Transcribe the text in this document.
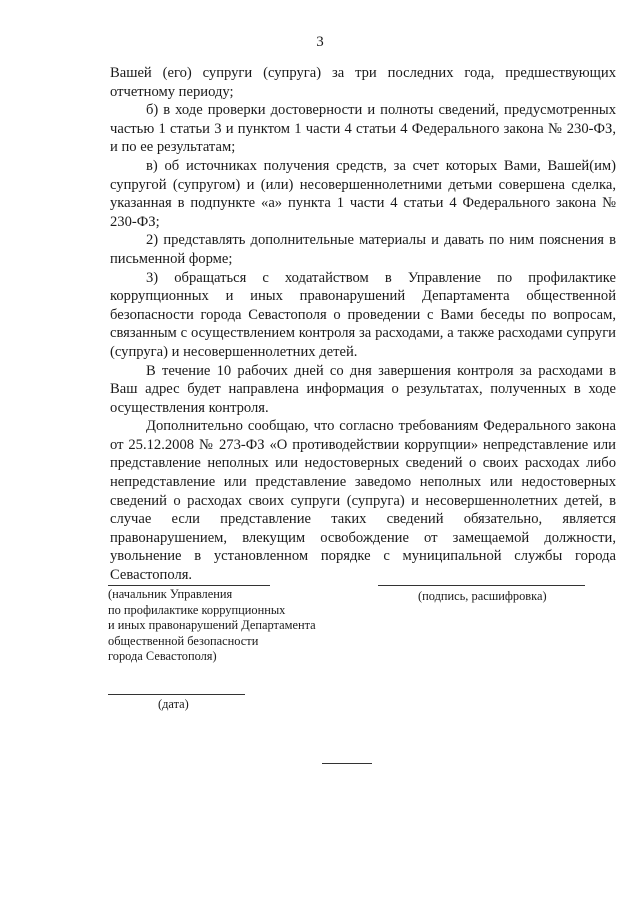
3

Вашей (его) супруги (супруга) за три последних года, предшествующих отчетному периоду;

б) в ходе проверки достоверности и полноты сведений, предусмотренных частью 1 статьи 3 и пунктом 1 части 4 статьи 4 Федерального закона № 230-ФЗ, и по ее результатам;

в) об источниках получения средств, за счет которых Вами, Вашей(им) супругой (супругом) и (или) несовершеннолетними детьми совершена сделка, указанная в подпункте «а» пункта 1 части 4 статьи 4 Федерального закона № 230-ФЗ;

2) представлять дополнительные материалы и давать по ним пояснения в письменной форме;

3) обращаться с ходатайством в Управление по профилактике коррупционных и иных правонарушений Департамента общественной безопасности города Севастополя о проведении с Вами беседы по вопросам, связанным с осуществлением контроля за расходами, а также расходами супруги (супруга) и несовершеннолетних детей.

В течение 10 рабочих дней со дня завершения контроля за расходами в Ваш адрес будет направлена информация о результатах, полученных в ходе осуществления контроля.

Дополнительно сообщаю, что согласно требованиям Федерального закона от 25.12.2008 № 273-ФЗ «О противодействии коррупции» непредставление или представление неполных или недостоверных сведений о своих расходах либо непредставление или представление заведомо неполных или недостоверных сведений о расходах своих супруги (супруга) и несовершеннолетних детей, в случае если представление таких сведений обязательно, является правонарушением, влекущим освобождение от замещаемой должности, увольнение в установленном порядке с муниципальной службы города Севастополя.

(начальник Управления
по профилактике коррупционных
и иных правонарушений Департамента
общественной безопасности
города Севастополя)
(подпись, расшифровка)
(дата)
